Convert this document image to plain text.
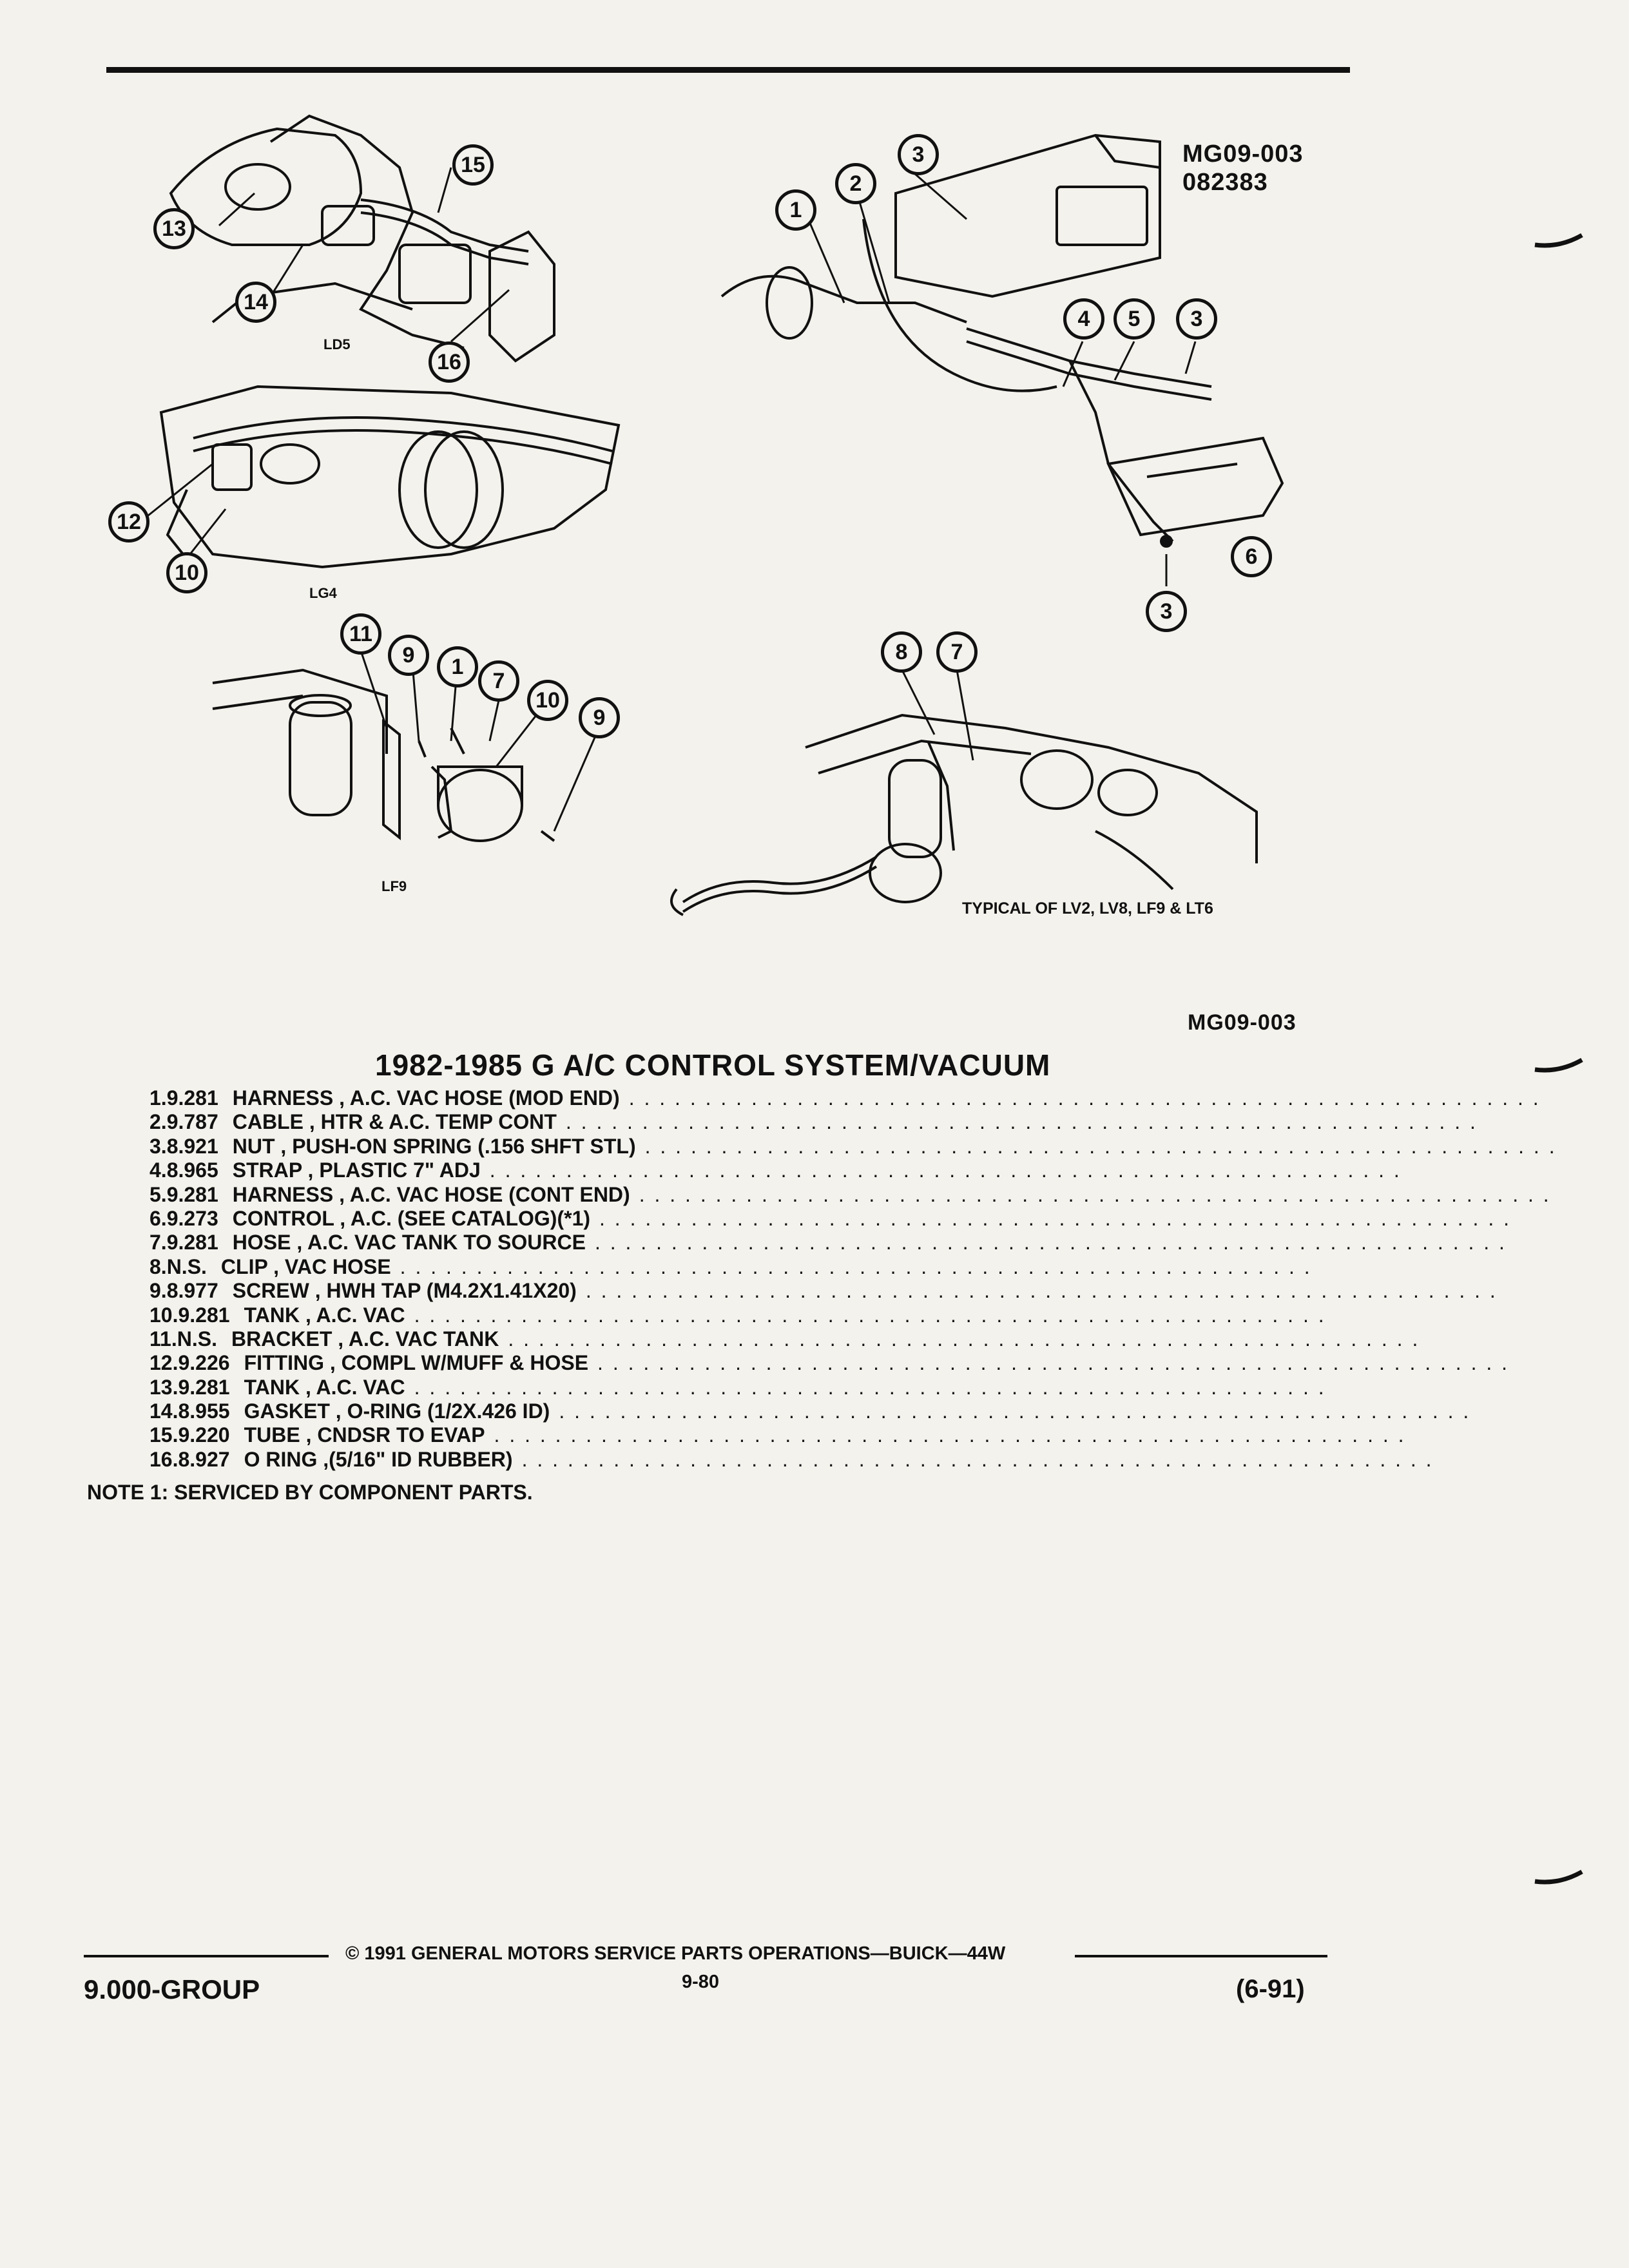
15
13
14
16
12
10
11
9	1
7
10
9
3
2
1
4	5	3
6
3
8	7
MG09-003
082383
LD5
LG4
LF9
TYPICAL OF LV2, LV8, LF9 & LT6
MG09-003
1982-1985 G A/C CONTROL SYSTEM/VACUUM
1. 9.281 HARNESS , A.C. VAC HOSE (MOD END) . . . . . . . . . . . . . . . . . . . . . . . . . . . . . . . . . . . . . . . . . . . . . . . . . . . . . . . . . . . .
2. 9.787 CABLE , HTR & A.C. TEMP CONT . . . . . . . . . . . . . . . . . . . . . . . . . . . . . . . . . . . . . . . . . . . . . . . . . . . . . . . . . . . .
3. 8.921 NUT , PUSH-ON SPRING (.156 SHFT STL) . . . . . . . . . . . . . . . . . . . . . . . . . . . . . . . . . . . . . . . . . . . . . . . . . . . . . . . . . . . .
4. 8.965 STRAP , PLASTIC 7" ADJ . . . . . . . . . . . . . . . . . . . . . . . . . . . . . . . . . . . . . . . . . . . . . . . . . . . . . . . . . . . .
5. 9.281 HARNESS , A.C. VAC HOSE (CONT END) . . . . . . . . . . . . . . . . . . . . . . . . . . . . . . . . . . . . . . . . . . . . . . . . . . . . . . . . . . . .
6. 9.273 CONTROL , A.C. (SEE CATALOG)(*1) . . . . . . . . . . . . . . . . . . . . . . . . . . . . . . . . . . . . . . . . . . . . . . . . . . . . . . . . . . . .
7. 9.281 HOSE , A.C. VAC TANK TO SOURCE . . . . . . . . . . . . . . . . . . . . . . . . . . . . . . . . . . . . . . . . . . . . . . . . . . . . . . . . . . . .
8. N.S. CLIP , VAC HOSE . . . . . . . . . . . . . . . . . . . . . . . . . . . . . . . . . . . . . . . . . . . . . . . . . . . . . . . . . . . .
9. 8.977 SCREW , HWH TAP (M4.2X1.41X20) . . . . . . . . . . . . . . . . . . . . . . . . . . . . . . . . . . . . . . . . . . . . . . . . . . . . . . . . . . . .
10. 9.281 TANK , A.C. VAC . . . . . . . . . . . . . . . . . . . . . . . . . . . . . . . . . . . . . . . . . . . . . . . . . . . . . . . . . . . .
11. N.S. BRACKET , A.C. VAC TANK . . . . . . . . . . . . . . . . . . . . . . . . . . . . . . . . . . . . . . . . . . . . . . . . . . . . . . . . . . . .
12. 9.226 FITTING , COMPL W/MUFF & HOSE . . . . . . . . . . . . . . . . . . . . . . . . . . . . . . . . . . . . . . . . . . . . . . . . . . . . . . . . . . . .
13. 9.281 TANK , A.C. VAC . . . . . . . . . . . . . . . . . . . . . . . . . . . . . . . . . . . . . . . . . . . . . . . . . . . . . . . . . . . .
14. 8.955 GASKET , O-RING (1/2X.426 ID) . . . . . . . . . . . . . . . . . . . . . . . . . . . . . . . . . . . . . . . . . . . . . . . . . . . . . . . . . . . .
15. 9.220 TUBE , CNDSR TO EVAP . . . . . . . . . . . . . . . . . . . . . . . . . . . . . . . . . . . . . . . . . . . . . . . . . . . . . . . . . . . .
16. 8.927 O RING ,(5/16" ID RUBBER) . . . . . . . . . . . . . . . . . . . . . . . . . . . . . . . . . . . . . . . . . . . . . . . . . . . . . . . . . . . .
NOTE 1: SERVICED BY COMPONENT PARTS.
© 1991 GENERAL MOTORS SERVICE PARTS OPERATIONS—BUICK—44W
9.000-GROUP	9-80	(6-91)
